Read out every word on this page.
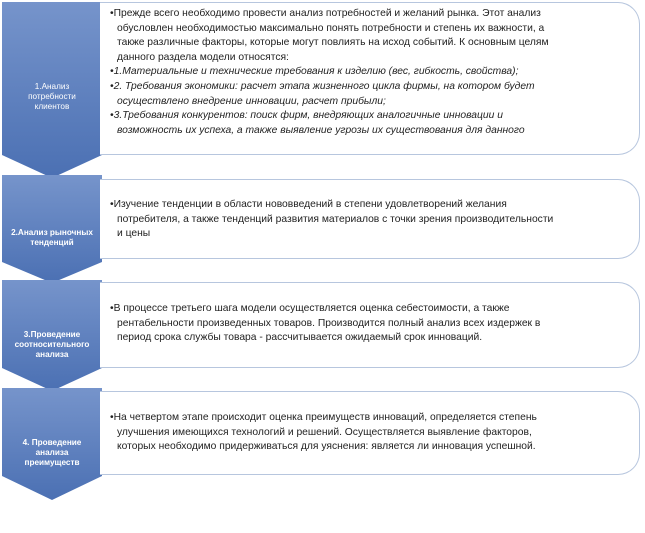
1.Анализ
потребности
клиентов
2.Анализ рыночных
тенденций
3.Проведение
соотносительного
анализа
4. Проведение
анализа
преимуществ

• Прежде всего необходимо провести анализ потребностей и желаний рынка. Этот анализ

обусловлен необходимостью максимально понять потребности и степень их важности, а

также различные факторы, которые могут повлиять на исход событий. К основным целям

данного раздела модели относятся:

• 1.Материальные и технические требования к изделию (вес, гибкость, свойства);

• 2. Требования экономики: расчет этапа жизненного цикла фирмы, на котором будет

осуществлено внедрение инновации, расчет прибыли;

• 3.Требования конкурентов: поиск фирм, внедряющих аналогичные инновации и

возможность их успеха, а также выявление угрозы их существования для данного

• Изучение тенденции в области нововведений в степени удовлетворений желания

потребителя, а также тенденций развития материалов с точки зрения производительности

и цены

• В процессе третьего шага модели осуществляется оценка себестоимости, а также

рентабельности произведенных товаров. Производится полный анализ всех издержек в

период срока службы товара - рассчитывается ожидаемый срок инноваций.

• На четвертом этапе происходит оценка преимуществ инноваций, определяется степень

улучшения имеющихся технологий и решений. Осуществляется выявление факторов,

которых необходимо придерживаться для уяснения: является ли инновация успешной.
